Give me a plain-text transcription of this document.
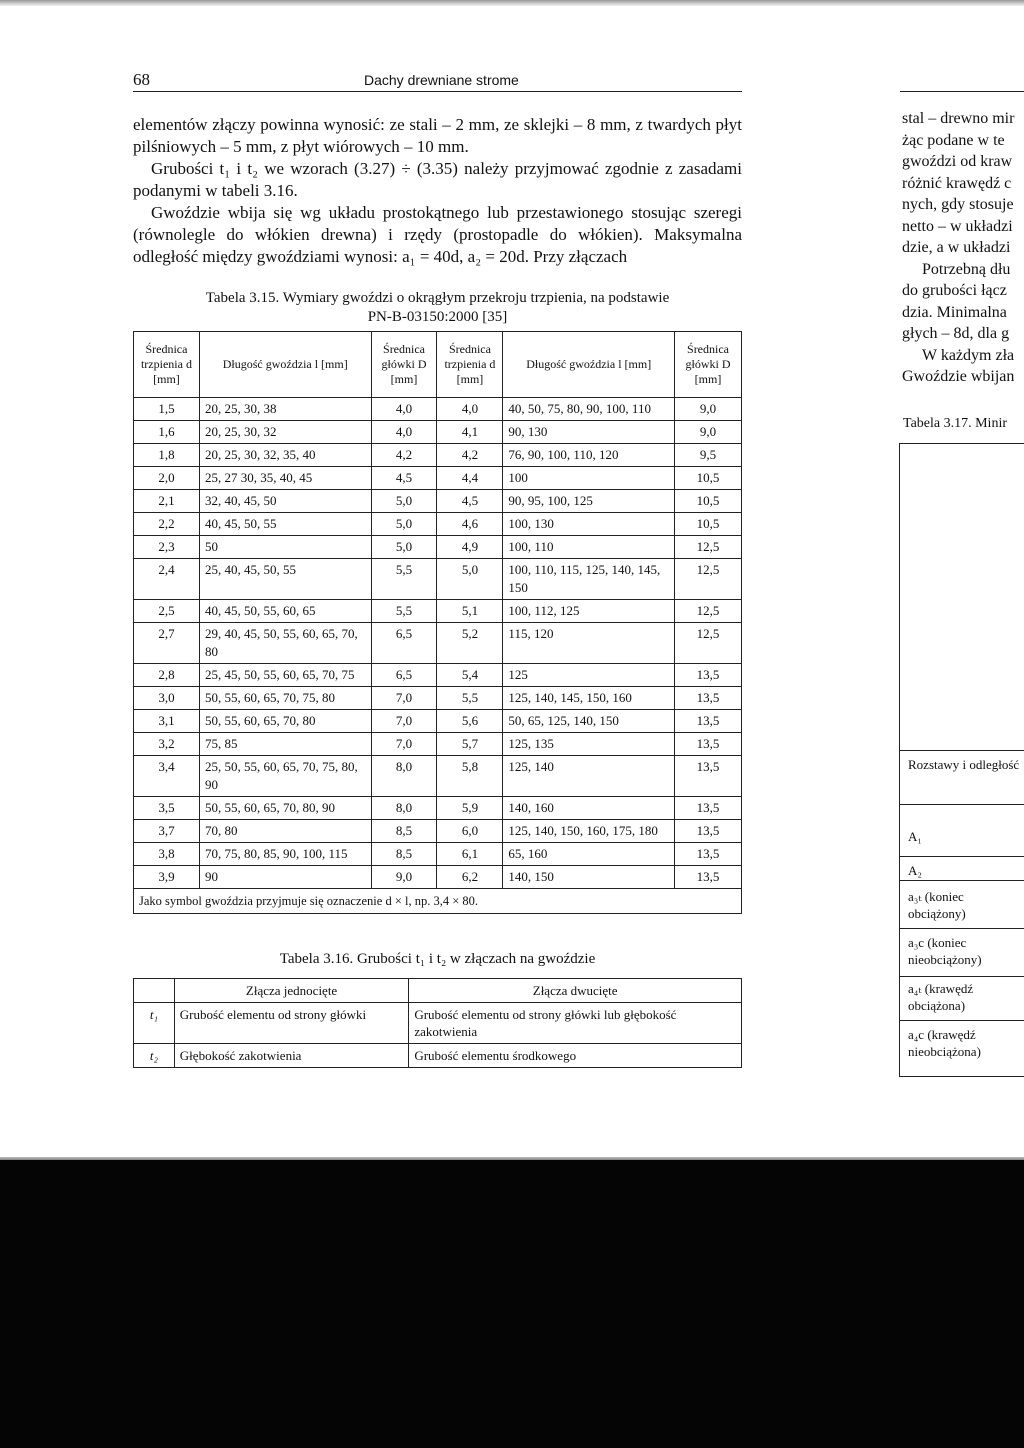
68	Dachy drewniane strome

elementów złączy powinna wynosić: ze stali – 2 mm, ze sklejki – 8 mm, z twardych płyt pilśniowych – 5 mm, z płyt wiórowych – 10 mm.

Grubości t₁ i t₂ we wzorach (3.27) ÷ (3.35) należy przyjmować zgodnie z zasadami podanymi w tabeli 3.16.

Gwoździe wbija się wg układu prostokątnego lub przestawionego stosując szeregi (równolegle do włókien drewna) i rzędy (prostopadle do włókien). Maksymalna odległość między gwoździami wynosi: a₁ = 40d, a₂ = 20d. Przy złączach

stal – drewno mir
żąc podane w te
gwoździ od kraw
różnić krawędź c
nych, gdy stosuje
netto – w układzi
dzie, a w układzi
Potrzebną dłu
do grubości łącz
dzia. Minimalna
głych – 8d, dla g
W każdym zła
Gwoździe wbijan
Tabela 3.15. Wymiary gwoździ o okrągłym przekroju trzpienia, na podstawie
PN-B-03150:2000 [35]
Średnica trzpienia d [mm]	Długość gwoździa l [mm]	Średnica główki D [mm]	Średnica trzpienia d [mm]	Długość gwoździa l [mm]	Średnica główki D [mm]
1,5	20, 25, 30, 38	4,0	4,0	40, 50, 75, 80, 90, 100, 110	9,0
1,6	20, 25, 30, 32	4,0	4,1	90, 130	9,0
1,8	20, 25, 30, 32, 35, 40	4,2	4,2	76, 90, 100, 110, 120	9,5
2,0	25, 27 30, 35, 40, 45	4,5	4,4	100	10,5
2,1	32, 40, 45, 50	5,0	4,5	90, 95, 100, 125	10,5
2,2	40, 45, 50, 55	5,0	4,6	100, 130	10,5
2,3	50	5,0	4,9	100, 110	12,5
2,4	25, 40, 45, 50, 55	5,5	5,0	100, 110, 115, 125, 140, 145, 150	12,5
2,5	40, 45, 50, 55, 60, 65	5,5	5,1	100, 112, 125	12,5
2,7	29, 40, 45, 50, 55, 60, 65, 70, 80	6,5	5,2	115, 120	12,5
2,8	25, 45, 50, 55, 60, 65, 70, 75	6,5	5,4	125	13,5
3,0	50, 55, 60, 65, 70, 75, 80	7,0	5,5	125, 140, 145, 150, 160	13,5
3,1	50, 55, 60, 65, 70, 80	7,0	5,6	50, 65, 125, 140, 150	13,5
3,2	75, 85	7,0	5,7	125, 135	13,5
3,4	25, 50, 55, 60, 65, 70, 75, 80, 90	8,0	5,8	125, 140	13,5
3,5	50, 55, 60, 65, 70, 80, 90	8,0	5,9	140, 160	13,5
3,7	70, 80	8,5	6,0	125, 140, 150, 160, 175, 180	13,5
3,8	70, 75, 80, 85, 90, 100, 115	8,5	6,1	65, 160	13,5
3,9	90	9,0	6,2	140, 150	13,5
Jako symbol gwoździa przyjmuje się oznaczenie d × l, np. 3,4 × 80.					
Tabela 3.16. Grubości t₁ i t₂ w złączach na gwoździe
	Złącza jednocięte	Złącza dwucięte
t₁	Grubość elementu od strony główki	Grubość elementu od strony główki lub głębokość zakotwienia
t₂	Głębokość zakotwienia	Grubość elementu środkowego
Tabela 3.17. Minir
Rozstawy i odległość
A₁
A₂
a₃ₜ (koniec obciążony)
a₃c (koniec nieobciążony)
a₄ₜ (krawędź obciążona)
a₄c (krawędź nieobciążona)
